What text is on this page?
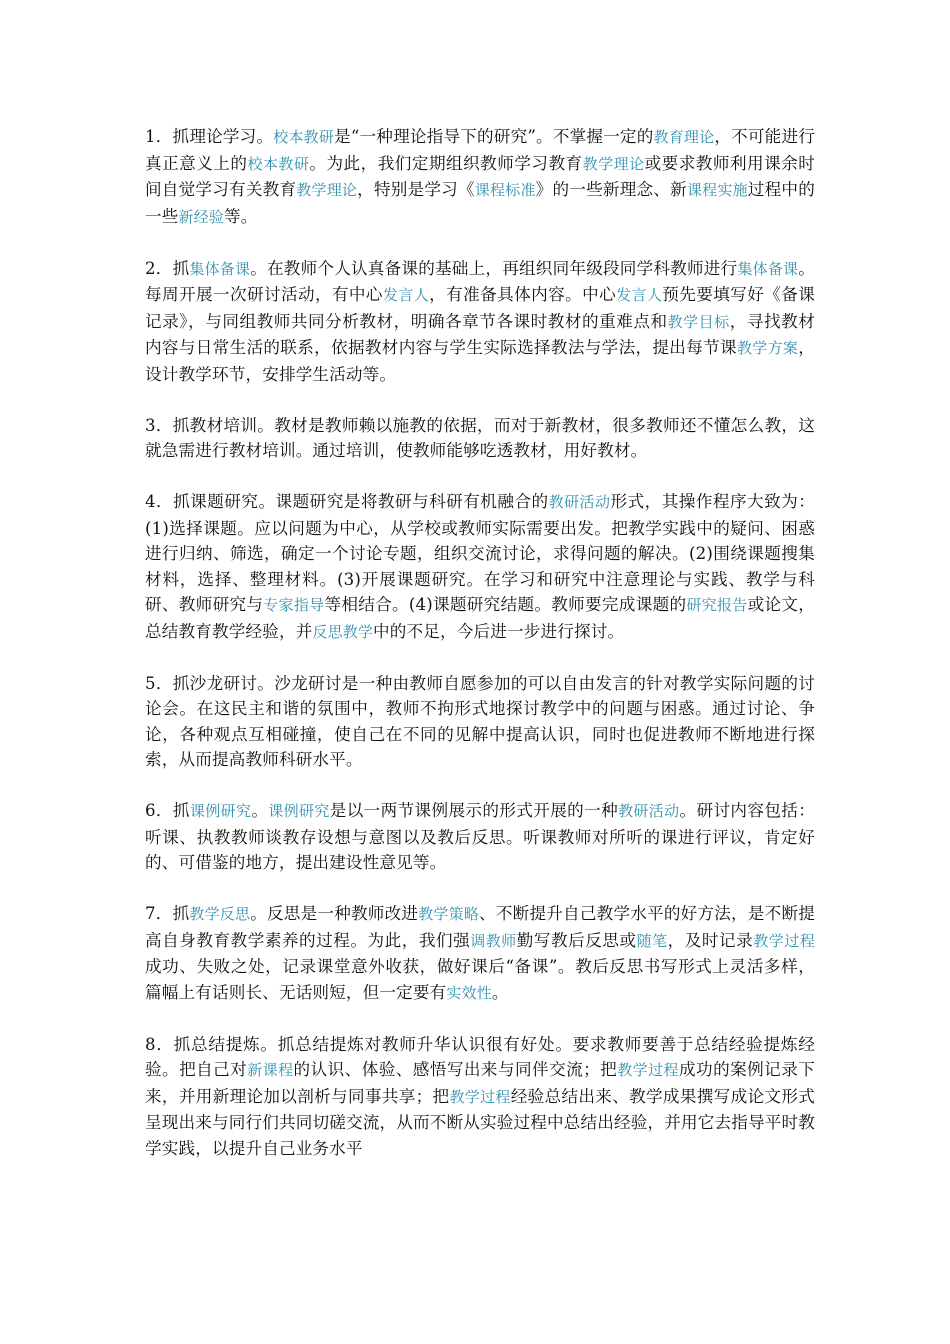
1．抓理论学习。校本教研是“一种理论指导下的研究”。不掌握一定的教育理论，不可能进行真正意义上的校本教研。为此，我们定期组织教师学习教育教学理论或要求教师利用课余时间自觉学习有关教育教学理论，特别是学习《课程标准》的一些新理念、新课程实施过程中的一些新经验等。

2．抓集体备课。在教师个人认真备课的基础上，再组织同年级段同学科教师进行集体备课。每周开展一次研讨活动，有中心发言人，有准备具体内容。中心发言人预先要填写好《备课记录》，与同组教师共同分析教材，明确各章节各课时教材的重难点和教学目标，寻找教材内容与日常生活的联系，依据教材内容与学生实际选择教法与学法，提出每节课教学方案，设计教学环节，安排学生活动等。

3．抓教材培训。教材是教师赖以施教的依据，而对于新教材，很多教师还不懂怎么教，这就急需进行教材培训。通过培训，使教师能够吃透教材，用好教材。

4．抓课题研究。课题研究是将教研与科研有机融合的教研活动形式，其操作程序大致为：(1)选择课题。应以问题为中心，从学校或教师实际需要出发。把教学实践中的疑问、困惑进行归纳、筛选，确定一个讨论专题，组织交流讨论，求得问题的解决。(2)围绕课题搜集材料，选择、整理材料。(3)开展课题研究。在学习和研究中注意理论与实践、教学与科研、教师研究与专家指导等相结合。(4)课题研究结题。教师要完成课题的研究报告或论文，总结教育教学经验，并反思教学中的不足，今后进一步进行探讨。

5．抓沙龙研讨。沙龙研讨是一种由教师自愿参加的可以自由发言的针对教学实际问题的讨论会。在这民主和谐的氛围中，教师不拘形式地探讨教学中的问题与困惑。通过讨论、争论，各种观点互相碰撞，使自己在不同的见解中提高认识，同时也促进教师不断地进行探索，从而提高教师科研水平。

6．抓课例研究。课例研究是以一两节课例展示的形式开展的一种教研活动。研讨内容包括：听课、执教教师谈教存设想与意图以及教后反思。听课教师对所听的课进行评议，肯定好的、可借鉴的地方，提出建设性意见等。

7．抓教学反思。反思是一种教师改进教学策略、不断提升自己教学水平的好方法，是不断提高自身教育教学素养的过程。为此，我们强调教师勤写教后反思或随笔，及时记录教学过程成功、失败之处，记录课堂意外收获，做好课后“备课”。教后反思书写形式上灵活多样，篇幅上有话则长、无话则短，但一定要有实效性。

8．抓总结提炼。抓总结提炼对教师升华认识很有好处。要求教师要善于总结经验提炼经验。把自己对新课程的认识、体验、感悟写出来与同伴交流；把教学过程成功的案例记录下来，并用新理论加以剖析与同事共享；把教学过程经验总结出来、教学成果撰写成论文形式呈现出来与同行们共同切磋交流，从而不断从实验过程中总结出经验，并用它去指导平时教学实践，以提升自己业务水平
